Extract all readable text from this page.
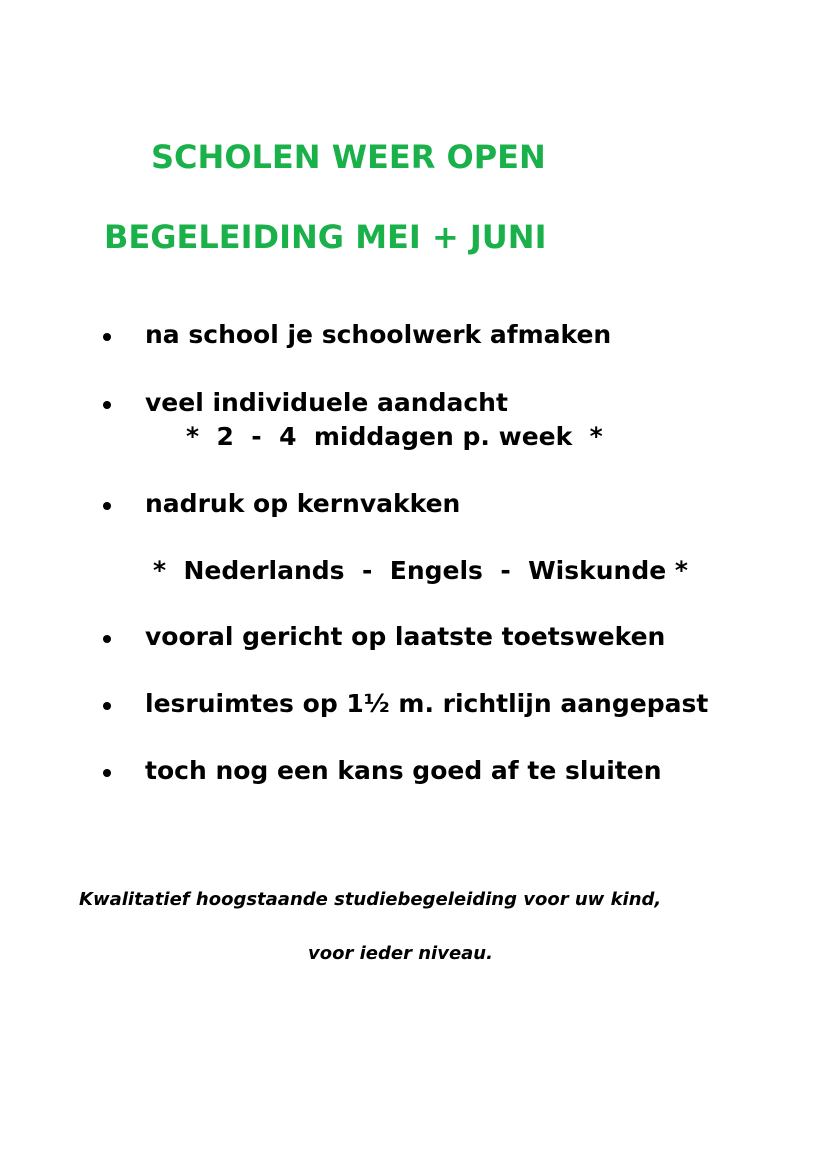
SCHOLEN WEER OPEN
BEGELEIDING MEI + JUNI

na school je schoolwerk afmaken

veel individuele aandacht

*  2  -  4  middagen p. week  *

nadruk op kernvakken

*  Nederlands  -  Engels  -  Wiskunde *

vooral gericht op laatste toetsweken

lesruimtes op 1½ m. richtlijn aangepast

toch nog een kans goed af te sluiten

Kwalitatief hoogstaande studiebegeleiding voor uw kind,

voor ieder niveau.
